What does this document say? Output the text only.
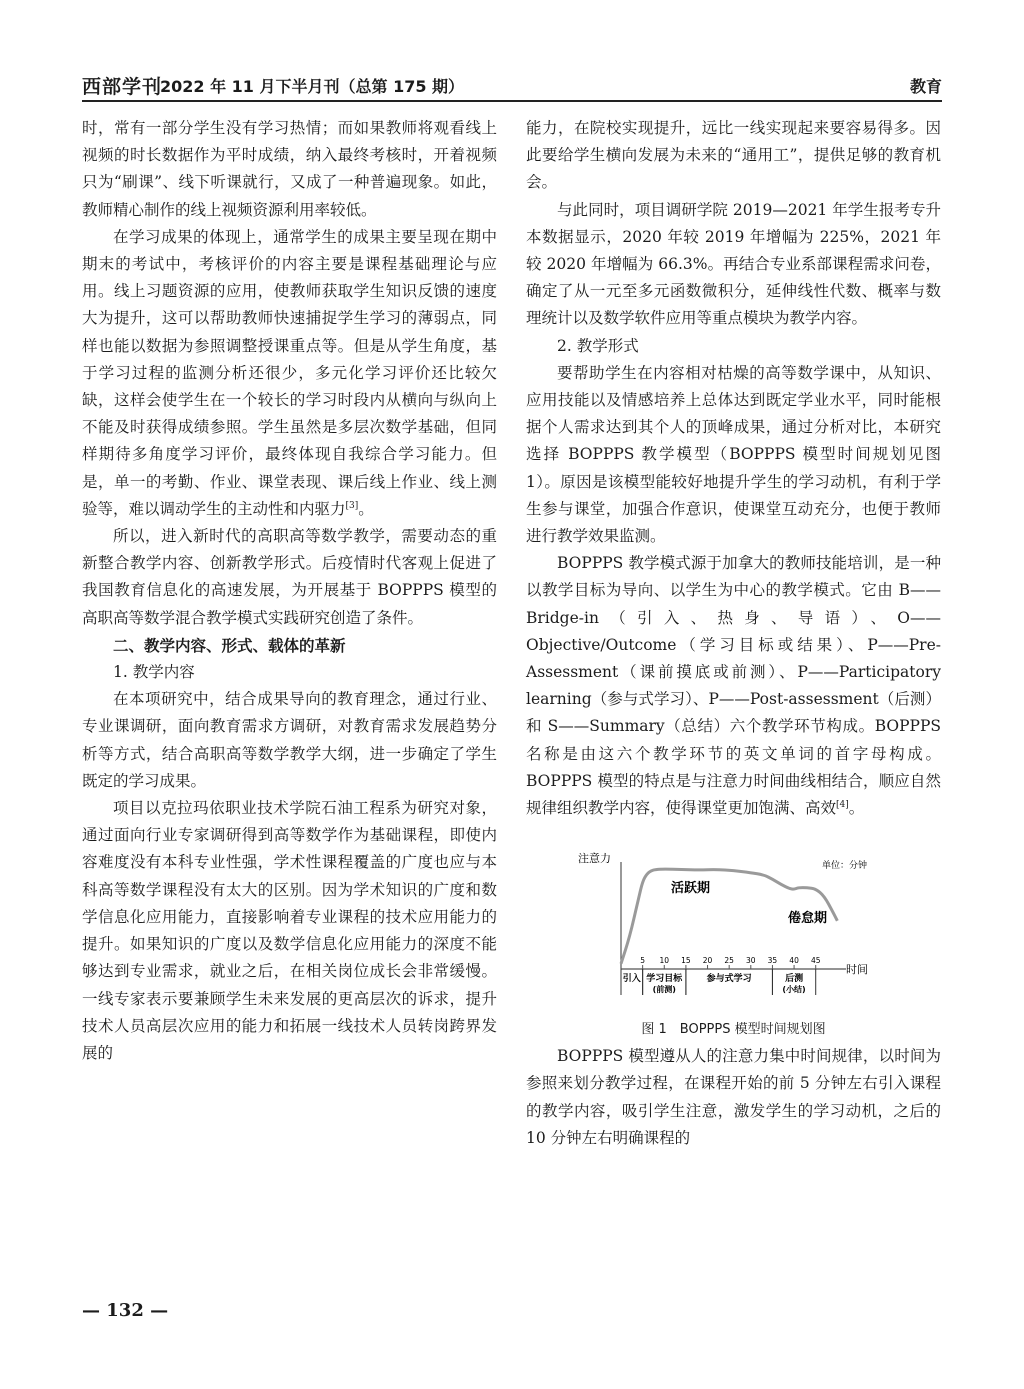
西部学刊
2022 年 11 月下半月刊（总第 175 期）	教育

时，常有一部分学生没有学习热情；而如果教师将观看线上视频的时长数据作为平时成绩，纳入最终考核时，开着视频只为“刷课”、线下听课就行，又成了一种普遍现象。如此，教师精心制作的线上视频资源利用率较低。

在学习成果的体现上，通常学生的成果主要呈现在期中期末的考试中，考核评价的内容主要是课程基础理论与应用。线上习题资源的应用，使教师获取学生知识反馈的速度大为提升，这可以帮助教师快速捕捉学生学习的薄弱点，同样也能以数据为参照调整授课重点等。但是从学生角度，基于学习过程的监测分析还很少，多元化学习评价还比较欠缺，这样会使学生在一个较长的学习时段内从横向与纵向上不能及时获得成绩参照。学生虽然是多层次数学基础，但同样期待多角度学习评价，最终体现自我综合学习能力。但是，单一的考勤、作业、课堂表现、课后线上作业、线上测验等，难以调动学生的主动性和内驱力[3]。

所以，进入新时代的高职高等数学教学，需要动态的重新整合教学内容、创新教学形式。后疫情时代客观上促进了我国教育信息化的高速发展，为开展基于 BOPPPS 模型的高职高等数学混合教学模式实践研究创造了条件。

二、教学内容、形式、载体的革新
1. 教学内容

在本项研究中，结合成果导向的教育理念，通过行业、专业课调研，面向教育需求方调研，对教育需求发展趋势分析等方式，结合高职高等数学教学大纲，进一步确定了学生既定的学习成果。

项目以克拉玛依职业技术学院石油工程系为研究对象，通过面向行业专家调研得到高等数学作为基础课程，即使内容难度没有本科专业性强，学术性课程覆盖的广度也应与本科高等数学课程没有太大的区别。因为学术知识的广度和数学信息化应用能力，直接影响着专业课程的技术应用能力的提升。如果知识的广度以及数学信息化应用能力的深度不能够达到专业需求，就业之后，在相关岗位成长会非常缓慢。一线专家表示要兼顾学生未来发展的更高层次的诉求，提升技术人员高层次应用的能力和拓展一线技术人员转岗跨界发展的

能力，在院校实现提升，远比一线实现起来要容易得多。因此要给学生横向发展为未来的“通用工”，提供足够的教育机会。

与此同时，项目调研学院 2019—2021 年学生报考专升本数据显示，2020 年较 2019 年增幅为 225%，2021 年较 2020 年增幅为 66.3%。再结合专业系部课程需求问卷，确定了从一元至多元函数微积分，延伸线性代数、概率与数理统计以及数学软件应用等重点模块为教学内容。

2. 教学形式

要帮助学生在内容相对枯燥的高等数学课中，从知识、应用技能以及情感培养上总体达到既定学业水平，同时能根据个人需求达到其个人的顶峰成果，通过分析对比，本研究选择 BOPPPS 教学模型（BOPPPS 模型时间规划见图 1）。原因是该模型能较好地提升学生的学习动机，有利于学生参与课堂，加强合作意识，使课堂互动充分，也便于教师进行教学效果监测。

BOPPPS 教学模式源于加拿大的教师技能培训，是一种以教学目标为导向、以学生为中心的教学模式。它由 B——Bridge-in（引入、热身、导语）、O——Objective/Outcome（学习目标或结果）、P——Pre-Assessment（课前摸底或前测）、P——Participatory learning（参与式学习）、P——Post-assessment（后测）和 S——Summary（总结）六个教学环节构成。BOPPPS 名称是由这六个教学环节的英文单词的首字母构成。BOPPPS 模型的特点是与注意力时间曲线相结合，顺应自然规律组织教学内容，使得课堂更加饱满、高效[4]。

注意力
时间
单位：分钟
活跃期
倦怠期
5 10 15 20 25 30 35 40 45
引入 学习目标
(前测)
参与式学习	后测
(小结)
图 1　BOPPPS 模型时间规划图

BOPPPS 模型遵从人的注意力集中时间规律，以时间为参照来划分教学过程，在课程开始的前 5 分钟左右引入课程的教学内容，吸引学生注意，激发学生的学习动机，之后的 10 分钟左右明确课程的

— 132 —
